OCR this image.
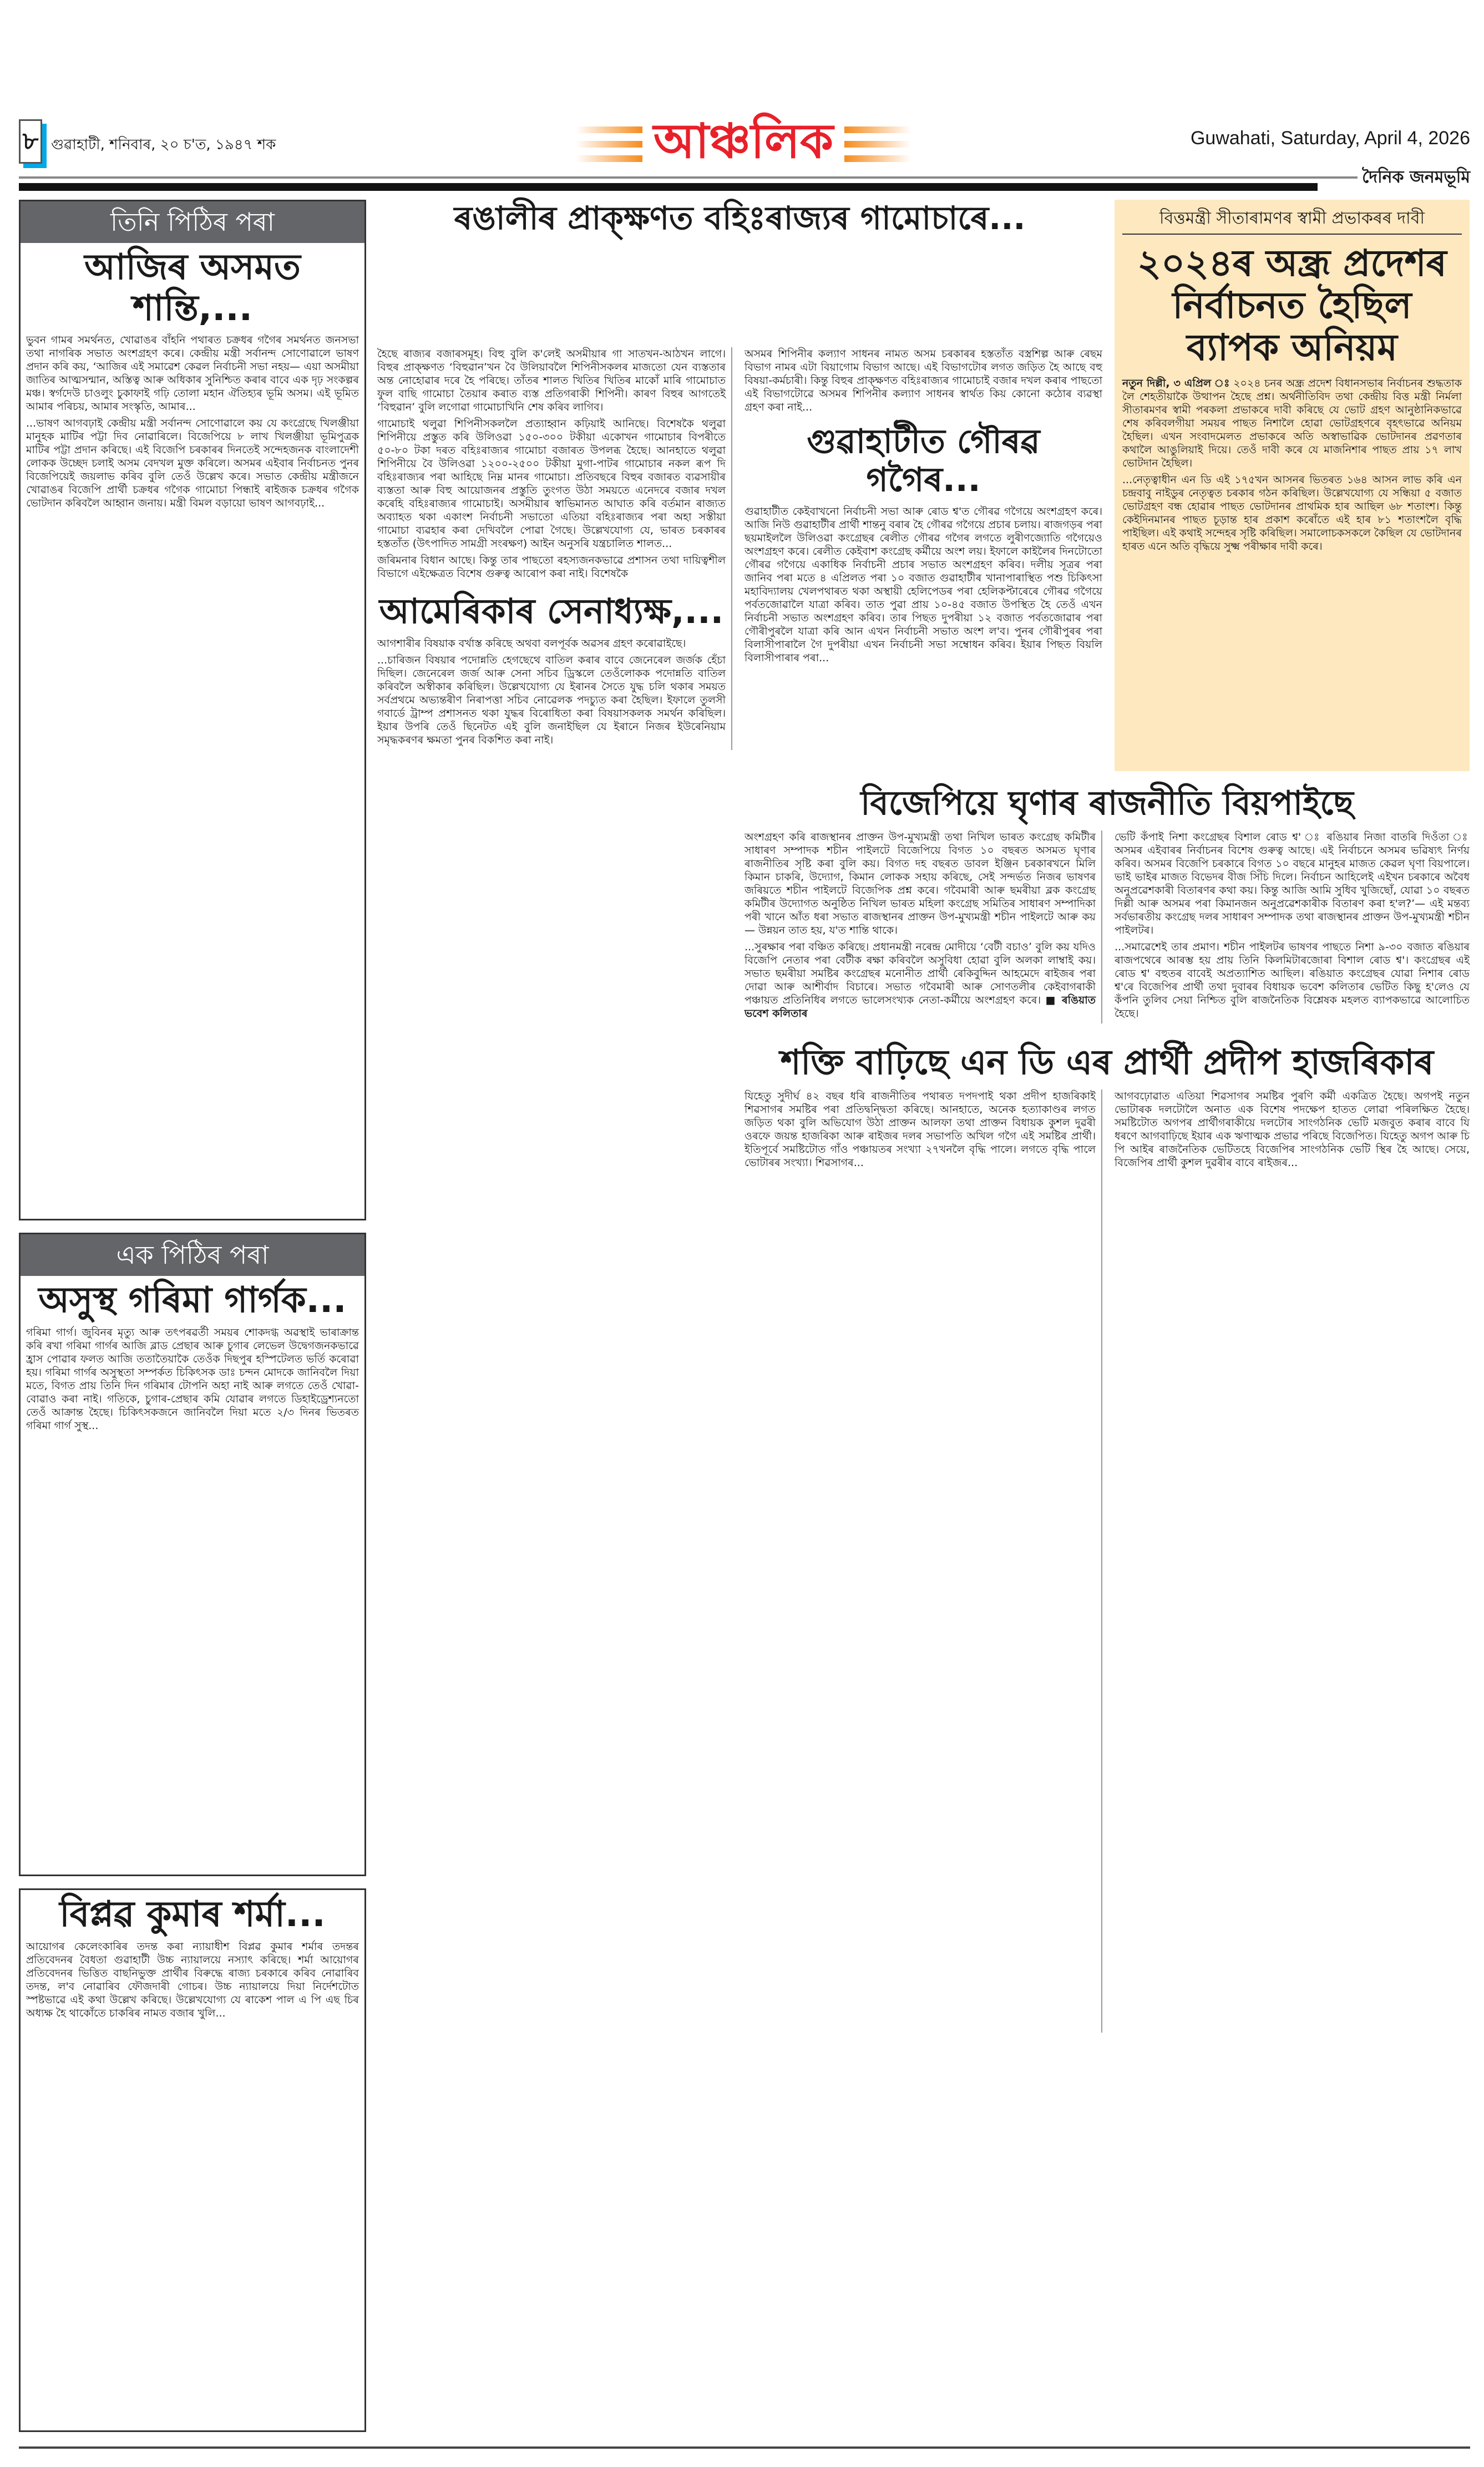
৮ গুৱাহাটী, শনিবাৰ, ২০ চ'ত, ১৯৪৭ শক	আঞ্চলিক	Guwahati, Saturday, April 4, 2026
দৈনিক জনমভূমি
তিনি পিঠিৰ পৰা
আজিৰ অসমত শান্তি,...

ভুবন গামৰ সমৰ্থনত, খোৱাঙৰ বাঁহনি পথাৰত চক্ৰধৰ গগৈৰ সমৰ্থনত জনসভা তথা নাগৰিক সভাত অংশগ্ৰহণ কৰে। কেন্দ্ৰীয় মন্ত্ৰী সৰ্বানন্দ সোণোৱালে ভাষণ প্ৰদান কৰি কয়, ‘আজিৰ এই সমাৱেশ কেৱল নিৰ্বাচনী সভা নহয়— এয়া অসমীয়া জাতিৰ আত্মসন্মান, অস্তিত্ব আৰু অধিকাৰ সুনিশ্চিত কৰাৰ বাবে এক দৃঢ় সংকল্পৰ মঞ্চ। স্বৰ্গদেউ চাওলুং চুকাফাই গঢ়ি তোলা মহান ঐতিহ্যৰ ভূমি অসম। এই ভূমিত আমাৰ পৰিচয়, আমাৰ সংস্কৃতি, আমাৰ...

...ভাষণ আগবঢ়াই কেন্দ্ৰীয় মন্ত্ৰী সৰ্বানন্দ সোণোৱালে কয় যে কংগ্ৰেছে খিলঞ্জীয়া মানুহক মাটিৰ পট্টা দিব নোৱাৰিলে। বিজেপিয়ে ৮ লাখ খিলঞ্জীয়া ভূমিপুত্ৰক মাটিৰ পট্টা প্ৰদান কৰিছে। এই বিজেপি চৰকাৰৰ দিনতেই সন্দেহজনক বাংলাদেশী লোকক উচ্ছেদ চলাই অসম বেদখল মুক্ত কৰিলে। অসমৰ এইবাৰ নিৰ্বাচনত পুনৰ বিজেপিয়েই জয়লাভ কৰিব বুলি তেওঁ উল্লেখ কৰে। সভাত কেন্দ্ৰীয় মন্ত্ৰীজনে খোৱাঙৰ বিজেপি প্ৰাৰ্থী চক্ৰধৰ গগৈক গামোচা পিন্ধাই ৰাইজক চক্ৰধৰ গগৈক ভোটদান কৰিবলৈ আহ্বান জনায়। মন্ত্ৰী বিমল বড়ায়ো ভাষণ আগবঢ়াই...

এক পিঠিৰ পৰা
অসুস্থ গৰিমা গাৰ্গক...

গৰিমা গাৰ্গ। জুবিনৰ মৃত্যু আৰু তৎপৰৱৰ্তী সময়ৰ শোকদগ্ধ অৱস্থাই ভাৰাক্ৰান্ত কৰি ৰখা গৰিমা গাৰ্গৰ আজি ব্লাড প্ৰেছাৰ আৰু চুগাৰ লেভেল উদ্বেগজনকভাৱে হ্ৰাস পোৱাৰ ফলত আজি ততাতৈয়াকৈ তেওঁক দিছপুৰ হস্পিটেলত ভৰ্তি কৰোৱা হয়। গৰিমা গাৰ্গৰ অসুস্থতা সম্পৰ্কত চিকিৎসক ডাঃ চন্দন মোদকে জানিবলৈ দিয়া মতে, বিগত প্ৰায় তিনি দিন গৰিমাৰ টোপনি অহা নাই আৰু লগতে তেওঁ খোৱা-বোৱাও কৰা নাই। গতিকে, চুগাৰ-প্ৰেছাৰ কমি যোৱাৰ লগতে ডিহাইড্ৰেশ্যনতো তেওঁ আক্ৰান্ত হৈছে। চিকিৎসকজনে জানিবলৈ দিয়া মতে ২/৩ দিনৰ ভিতৰত গৰিমা গাৰ্গ সুস্থ...

বিপ্লৱ কুমাৰ শৰ্মা...

আয়োগৰ কেলেংকাৰিৰ তদন্ত কৰা ন্যায়াধীশ বিপ্লৱ কুমাৰ শৰ্মাৰ তদন্তৰ প্ৰতিবেদনৰ বৈধতা গুৱাহাটী উচ্চ ন্যায়ালয়ে নস্যাৎ কৰিছে। শৰ্মা আয়োগৰ প্ৰতিবেদনৰ ভিত্তিত বাছনিভুক্ত প্ৰাৰ্থীৰ বিৰুদ্ধে ৰাজ্য চৰকাৰে কৰিব নোৱাৰিব তদন্ত, ল'ব নোৱাৰিব ফৌজদাৰী গোচৰ। উচ্চ ন্যায়ালয়ে দিয়া নিৰ্দেশটোত স্পষ্টভাৱে এই কথা উল্লেখ কৰিছে। উল্লেখযোগ্য যে ৰাকেশ পাল এ পি এছ চিৰ অধ্যক্ষ হৈ থাকোঁতে চাকৰিৰ নামত বজাৰ খুলি...

ৰঙালীৰ প্ৰাক্‌ক্ষণত বহিঃৰাজ্যৰ গামোচাৰে...	বিত্তমন্ত্ৰী সীতাৰামণৰ স্বামী প্ৰভাকৰৰ দাবী
২০২৪ৰ অন্ধ্ৰ প্ৰদেশৰ নিৰ্বাচনত হৈছিল ব্যাপক অনিয়ম

নতুন দিল্লী, ৩ এপ্ৰিল ঃ ২০২৪ চনৰ অন্ধ্ৰ প্ৰদেশ বিধানসভাৰ নিৰ্বাচনৰ শুদ্ধতাক লৈ শেহতীয়াকৈ উত্থাপন হৈছে প্ৰশ্ন। অৰ্থনীতিবিদ তথা কেন্দ্ৰীয় বিত্ত মন্ত্ৰী নিৰ্মলা সীতাৰমণৰ স্বামী পৰকলা প্ৰভাকৰে দাবী কৰিছে যে ভোট গ্ৰহণ আনুষ্ঠানিকভাৱে শেষ কৰিবলগীয়া সময়ৰ পাছত নিশালৈ হোৱা ভোটগ্ৰহণৰে বৃহৎভাৱে অনিয়ম হৈছিল। এখন সংবাদমেলত প্ৰভাকৰে অতি অস্বাভাৱিক ভোটদানৰ প্ৰৱণতাৰ কথালৈ আঙুলিয়াই দিয়ে। তেওঁ দাবী কৰে যে মাজনিশাৰ পাছত প্ৰায় ১৭ লাখ ভোটদান হৈছিল।

...নেতৃত্বাধীন এন ডি এই ১৭৫খন আসনৰ ভিতৰত ১৬৪ আসন লাভ কৰি এন চন্দ্ৰবাবু নাইডুৰ নেতৃত্বত চৰকাৰ গঠন কৰিছিল। উল্লেখযোগ্য যে সন্ধিয়া ৫ বজাত ভোটগ্ৰহণ বন্ধ হোৱাৰ পাছত ভোটদানৰ প্ৰাথমিক হাৰ আছিল ৬৮ শতাংশ। কিন্তু কেইদিনমানৰ পাছত চূড়ান্ত হাৰ প্ৰকাশ কৰোঁতে এই হাৰ ৮১ শতাংশলৈ বৃদ্ধি পাইছিল। এই কথাই সন্দেহৰ সৃষ্টি কৰিছিল। সমালোচকসকলে কৈছিল যে ভোটদানৰ হাৰত এনে অতি বৃদ্ধিয়ে সুক্ষ্ম পৰীক্ষাৰ দাবী কৰে।

হৈছে ৰাজ্যৰ বজাৰসমূহ। বিহু বুলি ক'লেই অসমীয়াৰ গা সাতখন-আঠখন লাগে। বিহুৰ প্ৰাক্‌ক্ষণত ‘বিহুৱান’খন বৈ উলিয়াবলৈ শিপিনীসকলৰ মাজতো যেন ব্যস্ততাৰ অন্ত নোহোৱাৰ দৰে হৈ পৰিছে। তাঁতৰ শালত খিতিৰ খিতিৰ মাকোঁ মাৰি গামোচাত ফুল বাছি গামোচা তৈয়াৰ কৰাত ব্যস্ত প্ৰতিগৰাকী শিপিনী। কাৰণ বিহুৰ আগতেই ‘বিহুৱান’ বুলি লগোৱা গামোচাখিনি শেষ কৰিব লাগিব।

গামোচাই থলুৱা শিপিনীসকললৈ প্ৰত্যাহ্বান কঢ়িয়াই আনিছে। বিশেষকৈ থলুৱা শিপিনীয়ে প্ৰস্তুত কৰি উলিওৱা ১৫০-৩০০ টকীয়া একোখন গামোচাৰ বিপৰীতে ৫০-৮০ টকা দৰত বহিঃৰাজ্যৰ গামোচা বজাৰত উপলব্ধ হৈছে। আনহাতে থলুৱা শিপিনীয়ে বৈ উলিওৱা ১২০০-২৫০০ টকীয়া মুগা-পাটৰ গামোচাৰ নকল ৰূপ দি বহিঃৰাজ্যৰ পৰা আহিছে নিম্ন মানৰ গামোচা। প্ৰতিবছৰে বিহুৰ বজাৰত ব্যৱসায়ীৰ ব্যস্ততা আৰু বিহু আয়োজনৰ প্ৰস্তুতি তুংগত উঠা সময়তে এনেদৰে বজাৰ দখল কৰেহি বহিঃৰাজ্যৰ গামোচাই। অসমীয়াৰ স্বাভিমানত আঘাত কৰি বৰ্তমান ৰাজ্যত অব্যাহত থকা একাংশ নিৰ্বাচনী সভাতো এতিয়া বহিঃৰাজ্যৰ পৰা অহা সস্তীয়া গামোচা ব্যৱহাৰ কৰা দেখিবলৈ পোৱা গৈছে। উল্লেখযোগ্য যে, ভাৰত চৰকাৰৰ হস্ততাঁত (উৎপাদিত সামগ্ৰী সংৰক্ষণ) আইন অনুসৰি যন্ত্ৰচালিত শালত...

জৰিমনাৰ বিধান আছে। কিন্তু তাৰ পাছতো ৰহস্যজনকভাৱে প্ৰশাসন তথা দায়িত্বশীল বিভাগে এইক্ষেত্ৰত বিশেষ গুৰুত্ব আৰোপ কৰা নাই। বিশেষকৈ

আমেৰিকাৰ সেনাধ্যক্ষ,...

আগশাৰীৰ বিষয়াক বৰ্খাস্ত কৰিছে অথবা বলপূৰ্বক অৱসৰ গ্ৰহণ কৰোৱাইছে।

...চাৰিজন বিষয়াৰ পদোন্নতি হেগছেথে বাতিল কৰাৰ বাবে জেনেৰেল জৰ্জক হেঁচা দিছিল। জেনেৰেল জৰ্জ আৰু সেনা সচিব ড্ৰিস্কলে তেওঁলোকক পদোন্নতি বাতিল কৰিবলৈ অস্বীকাৰ কৰিছিল। উল্লেখযোগ্য যে ইৰানৰ সৈতে যুদ্ধ চলি থকাৰ সময়ত সৰ্বপ্ৰথমে অভ্যন্তৰীণ নিৰাপত্তা সচিব নোৱেলক পদচ্যুত কৰা হৈছিল। ইফালে তুলসী গবাৰ্ডে ট্ৰাম্প প্ৰশাসনত থকা যুদ্ধৰ বিৰোধিতা কৰা বিষয়াসকলক সমৰ্থন কৰিছিল। ইয়াৰ উপৰি তেওঁ ছিনেটত এই বুলি জনাইছিল যে ইৰানে নিজৰ ইউৰেনিয়াম সমৃদ্ধকৰণৰ ক্ষমতা পুনৰ বিকশিত কৰা নাই।

অসমৰ শিপিনীৰ কল্যাণ সাধনৰ নামত অসম চৰকাৰৰ হস্ততাঁত বস্ত্ৰশিল্প আৰু ৰেছম বিভাগ নামৰ এটা বিয়াগোম বিভাগ আছে। এই বিভাগটোৰ লগত জড়িত হৈ আছে বহু বিষয়া-কৰ্মচাৰী। কিন্তু বিহুৰ প্ৰাক্‌ক্ষণত বহিঃৰাজ্যৰ গামোচাই বজাৰ দখল কৰাৰ পাছতো এই বিভাগটোৱে অসমৰ শিপিনীৰ কল্যাণ সাধনৰ স্বাৰ্থত কিয় কোনো কঠোৰ ব্যৱস্থা গ্ৰহণ কৰা নাই...

গুৱাহাটীত গৌৰৱ গগৈৰ...

গুৱাহাটীত কেইবাখনো নিৰ্বাচনী সভা আৰু ৰোড শ্ব'ত গৌৰৱ গগৈয়ে অংশগ্ৰহণ কৰে। আজি নিউ গুৱাহাটীৰ প্ৰাৰ্থী শান্তনু বৰাৰ হৈ গৌৰৱ গগৈয়ে প্ৰচাৰ চলায়। ৰাজগড়ৰ পৰা ছয়মাইললৈ উলিওৱা কংগ্ৰেছৰ ৰেলীত গৌৰৱ গগৈৰ লগতে লুৰীণজ্যোতি গগৈয়েও অংশগ্ৰহণ কৰে। ৰেলীত কেইবাশ কংগ্ৰেছ কৰ্মীয়ে অংশ লয়। ইফালে কাইলৈৰ দিনটোতো গৌৰৱ গগৈয়ে একাধিক নিৰ্বাচনী প্ৰচাৰ সভাত অংশগ্ৰহণ কৰিব। দলীয় সূত্ৰৰ পৰা জানিব পৰা মতে ৪ এপ্ৰিলত পৰা ১০ বজাত গুৱাহাটীৰ খানাপাৰাস্থিত পশু চিকিৎসা মহাবিদ্যালয় খেলপথাৰত থকা অস্থায়ী হেলিপেডৰ পৰা হেলিকপ্টাৰেৰে গৌৰৱ গগৈয়ে পৰ্বতজোৱালৈ যাত্ৰা কৰিব। তাত পুৱা প্ৰায় ১০-৪৫ বজাত উপস্থিত হৈ তেওঁ এখন নিৰ্বাচনী সভাত অংশগ্ৰহণ কৰিব। তাৰ পিছত দুপৰীয়া ১২ বজাত পৰ্বতজোৱাৰ পৰা গৌৰীপুৰলৈ যাত্ৰা কৰি আন এখন নিৰ্বাচনী সভাত অংশ ল'ব। পুনৰ গৌৰীপুৰৰ পৰা বিলাসীপাৰালৈ গৈ দুপৰীয়া এখন নিৰ্বাচনী সভা সম্বোধন কৰিব। ইয়াৰ পিছত বিয়লি বিলাসীপাৰাৰ পৰা...

বিজেপিয়ে ঘৃণাৰ ৰাজনীতি বিয়পাইছে

অংশগ্ৰহণ কৰি ৰাজস্থানৰ প্ৰাক্তন উপ-মুখ্যমন্ত্ৰী তথা নিখিল ভাৰত কংগ্ৰেছ কমিটীৰ সাধাৰণ সম্পাদক শচীন পাইলটে বিজেপিয়ে বিগত ১০ বছৰত অসমত ঘৃণাৰ ৰাজনীতিৰ সৃষ্টি কৰা বুলি কয়। বিগত দহ বছৰত ডাবল ইঞ্জিন চৰকাৰখনে মিলি কিমান চাকৰি, উদ্যোগ, কিমান লোকক সহায় কৰিছে, সেই সন্দৰ্ভত নিজৰ ভাষণৰ জৰিয়তে শচীন পাইলটে বিজেপিক প্ৰশ্ন কৰে। গবৈমাৰী আৰু ছমৰীয়া ব্লক কংগ্ৰেছ কমিটীৰ উদ্যোগত অনুষ্ঠিত নিখিল ভাৰত মহিলা কংগ্ৰেছ সমিতিৰ সাধাৰণ সম্পাদিকা পৰী খানে আঁত ধৰা সভাত ৰাজস্থানৰ প্ৰাক্তন উপ-মুখ্যমন্ত্ৰী শচীন পাইলটে আৰু কয়— উন্নয়ন তাত হয়, য'ত শান্তি থাকে।

...সুৰক্ষাৰ পৰা বঞ্চিত কৰিছে। প্ৰধানমন্ত্ৰী নৰেন্দ্ৰ মোদীয়ে ‘বেটী বচাও’ বুলি কয় যদিও বিজেপি নেতাৰ পৰা বেটীক ৰক্ষা কৰিবলৈ অসুবিধা হোৱা বুলি অলকা লাম্বাই কয়। সভাত ছমৰীয়া সমষ্টিৰ কংগ্ৰেছৰ মনোনীত প্ৰাৰ্থী ৰেকিবুদ্দিন আহমেদে ৰাইজৰ পৰা দোৱা আৰু আশীৰ্বাদ বিচাৰে। সভাত গবৈমাৰী আৰু সোণতলীৰ কেইবাগৰাকী পঞ্চায়ত প্ৰতিনিধিৰ লগতে ভালেসংখ্যক নেতা-কৰ্মীয়ে অংশগ্ৰহণ কৰে। ■ ৰঙিয়াত ভবেশ কলিতাৰ

ভেটি কঁপাই নিশা কংগ্ৰেছৰ বিশাল ৰোড শ্ব' ঃ ৰঙিয়াৰ নিজা বাতৰি দিওঁতা ঃ অসমৰ এইবাৰৰ নিৰ্বাচনৰ বিশেষ গুৰুত্ব আছে। এই নিৰ্বাচনে অসমৰ ভৱিষ্যৎ নিৰ্ণয় কৰিব। অসমৰ বিজেপি চৰকাৰে বিগত ১০ বছৰে মানুহৰ মাজত কেৱল ঘৃণা বিয়পালে। ভাই ভাইৰ মাজত বিভেদৰ বীজ সিঁচি দিলে। নিৰ্বাচন আহিলেই এইখন চৰকাৰে অবৈধ অনুপ্ৰৱেশকাৰী বিতাৰণৰ কথা কয়। কিন্তু আজি আমি সুধিব খুজিছোঁ, যোৱা ১০ বছৰত দিল্লী আৰু অসমৰ পৰা কিমানজন অনুপ্ৰৱেশকাৰীক বিতাৰণ কৰা হ'ল?’— এই মন্তব্য সৰ্বভাৰতীয় কংগ্ৰেছ দলৰ সাধাৰণ সম্পাদক তথা ৰাজস্থানৰ প্ৰাক্তন উপ-মুখ্যমন্ত্ৰী শচীন পাইলটৰ।

...সমাৱেশেই তাৰ প্ৰমাণ। শচীন পাইলটৰ ভাষণৰ পাছতে নিশা ৯-৩০ বজাত ৰঙিয়াৰ ৰাজপথেৰে আৰম্ভ হয় প্ৰায় তিনি কিলমিটাৰজোৰা বিশাল ৰোড শ্ব'। কংগ্ৰেছৰ এই ৰোড শ্ব' বহুতৰ বাবেই অপ্ৰত্যাশিত আছিল। ৰঙিয়াত কংগ্ৰেছৰ যোৱা নিশাৰ ৰোড শ্ব'ৰে বিজেপিৰ প্ৰাৰ্থী তথা দুবাৰৰ বিধায়ক ভবেশ কলিতাৰ ভেটিত কিছু হ'লেও যে কঁপনি তুলিব সেয়া নিশ্চিত বুলি ৰাজনৈতিক বিশ্লেষক মহলত ব্যাপকভাৱে আলোচিত হৈছে।

শক্তি বাঢ়িছে এন ডি এৰ প্ৰাৰ্থী প্ৰদীপ হাজৰিকাৰ

যিহেতু সুদীৰ্ঘ ৪২ বছৰ ধৰি ৰাজনীতিৰ পথাৰত দপদপাই থকা প্ৰদীপ হাজৰিকাই শিৱসাগৰ সমষ্টিৰ পৰা প্ৰতিদ্বন্দ্বিতা কৰিছে। আনহাতে, অনেক হত্যাকাণ্ডৰ লগত জড়িত থকা বুলি অভিযোগ উঠা প্ৰাক্তন আলফা তথা প্ৰাক্তন বিধায়ক কুশল দুৱৰী ওৰফে জয়ন্ত হাজৰিকা আৰু ৰাইজৰ দলৰ সভাপতি অখিল গগৈ এই সমষ্টিৰ প্ৰাৰ্থী। ইতিপূৰ্বে সমষ্টিটোত গাঁও পঞ্চায়তৰ সংখ্যা ২৭খনলৈ বৃদ্ধি পালে। লগতে বৃদ্ধি পালে ভোটাৰৰ সংখ্যা। শিৱসাগৰ...

আগবঢ়োৱাত এতিয়া শিৱসাগৰ সমষ্টিৰ পুৰণি কৰ্মী একত্ৰিত হৈছে। অগপই নতুন ভোটাৰক দলটোলৈ অনাত এক বিশেষ পদক্ষেপ হাতত লোৱা পৰিলক্ষিত হৈছে। সমষ্টিটোত অগপৰ প্ৰাৰ্থীগৰাকীয়ে দলটোৰ সাংগঠনিক ভেটি মজবুত কৰাৰ বাবে যি ধৰণে আগবাঢ়িছে ইয়াৰ এক ঋণাত্মক প্ৰভাৱ পৰিছে বিজেপিত। যিহেতু অগপ আৰু চি পি আইৰ ৰাজনৈতিক ভেটিতহে বিজেপিৰ সাংগঠনিক ভেটি স্থিৰ হৈ আছে। সেয়ে, বিজেপিৰ প্ৰাৰ্থী কুশল দুৱৰীৰ বাবে ৰাইজৰ...
